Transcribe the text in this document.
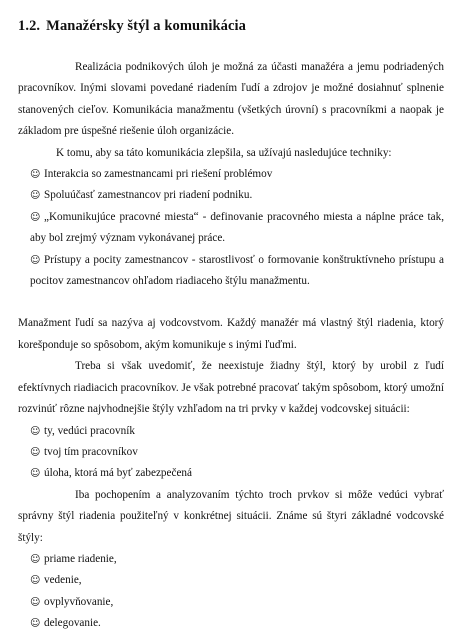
1.2. Manažérsky štýl a komunikácia

Realizácia podnikových úloh je možná za účasti manažéra a jemu podriadených pracovníkov. Inými slovami povedané riadením ľudí a zdrojov je možné dosiahnuť splnenie stanovených cieľov. Komunikácia manažmentu (všetkých úrovní) s pracovníkmi a naopak je základom pre úspešné riešenie úloh organizácie.

K tomu, aby sa táto komunikácia zlepšila, sa užívajú nasledujúce techniky:

☺ Interakcia so zamestnancami pri riešení problémov

☺ Spoluúčasť zamestnancov pri riadení podniku.

☺ „Komunikujúce pracovné miesta“ - definovanie pracovného miesta a náplne práce tak, aby bol zrejmý význam vykonávanej práce.

☺ Prístupy a pocity zamestnancov - starostlivosť o formovanie konštruktívneho prístupu a pocitov zamestnancov ohľadom riadiaceho štýlu manažmentu.

Manažment ľudí sa nazýva aj vodcovstvom. Každý manažér má vlastný štýl riadenia, ktorý korešponduje so spôsobom, akým komunikuje s inými ľuďmi.

Treba si však uvedomiť, že neexistuje žiadny štýl, ktorý by urobil z ľudí efektívnych riadiacich pracovníkov. Je však potrebné pracovať takým spôsobom, ktorý umožní rozvinúť rôzne najvhodnejšie štýly vzhľadom na tri prvky v každej vodcovskej situácii:

☺ ty, vedúci pracovník

☺ tvoj tím pracovníkov

☺ úloha, ktorá má byť zabezpečená

Iba pochopením a analyzovaním týchto troch prvkov si môže vedúci vybrať správny štýl riadenia použiteľný v konkrétnej situácii. Známe sú štyri základné vodcovské štýly:

☺ priame riadenie,

☺ vedenie,

☺ ovplyvňovanie,

☺ delegovanie.
